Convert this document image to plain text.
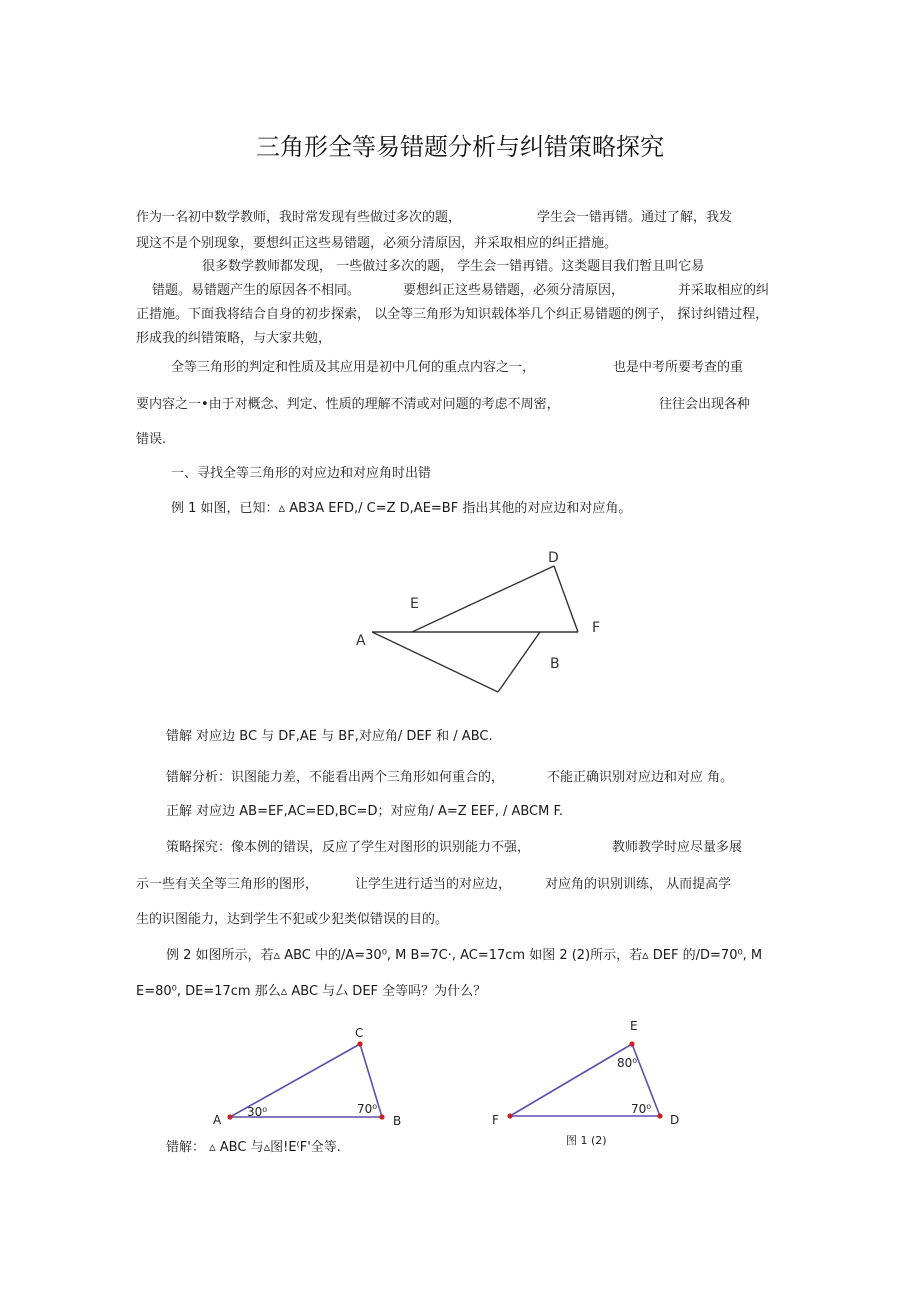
三角形全等易错题分析与纠错策略探究
作为一名初中数学教师，我时常发现有些做过多次的题，	学生会一错再错。通过了解，我发
现这不是个别现象，要想纠正这些易错题，必须分清原因，并采取相应的纠正措施。
很多数学教师都发现， 一些做过多次的题， 学生会一错再错。这类题目我们暂且叫它易
错题。易错题产生的原因各不相同。	要想纠正这些易错题，必须分清原因，	并采取相应的纠
正措施。下面我将结合自身的初步探索， 以全等三角形为知识载体举几个纠正易错题的例子， 探讨纠错过程，
形成我的纠错策略，与大家共勉，
全等三角形的判定和性质及其应用是初中几何的重点内容之一，	也是中考所要考查的重
要内容之一•由于对概念、判定、性质的理解不清或对问题的考虑不周密，	往往会出现各种
错误.
一、寻找全等三角形的对应边和对应角时出错
例 1 如图，已知：▵ AB3A EFD,/ C=Z D,AE=BF 指出其他的对应边和对应角。
A
D
E
F
B
错解 对应边 BC 与 DF,AE 与 BF,对应角/ DEF 和 / ABC.
错解分析：识图能力差，不能看出两个三角形如何重合的，	不能正确识别对应边和对应 角。
正解 对应边 AB=EF,AC=ED,BC=D；对应角/ A=Z EEF, / ABCM F.
策略探究：像本例的错误，反应了学生对图形的识别能力不强，	教师教学时应尽量多展
示一些有关全等三角形的图形，	让学生进行适当的对应边，	对应角的识别训练， 从而提高学
生的识图能力，达到学生不犯或少犯类似错误的目的。
例 2 如图所示，若▵ ABC 中的/A=30⁰, M B=7C·, AC=17cm 如图 2 (2)所示，若▵ DEF 的/D=70⁰, M
E=80⁰, DE=17cm 那么▵ ABC 与厶 DEF 全等吗？为什么？
A
C
B
30⁰	70⁰
F
E
D
80⁰
70⁰
图 1 (2)
错解： ▵ ABC 与▵图!E⁽F'全等.
